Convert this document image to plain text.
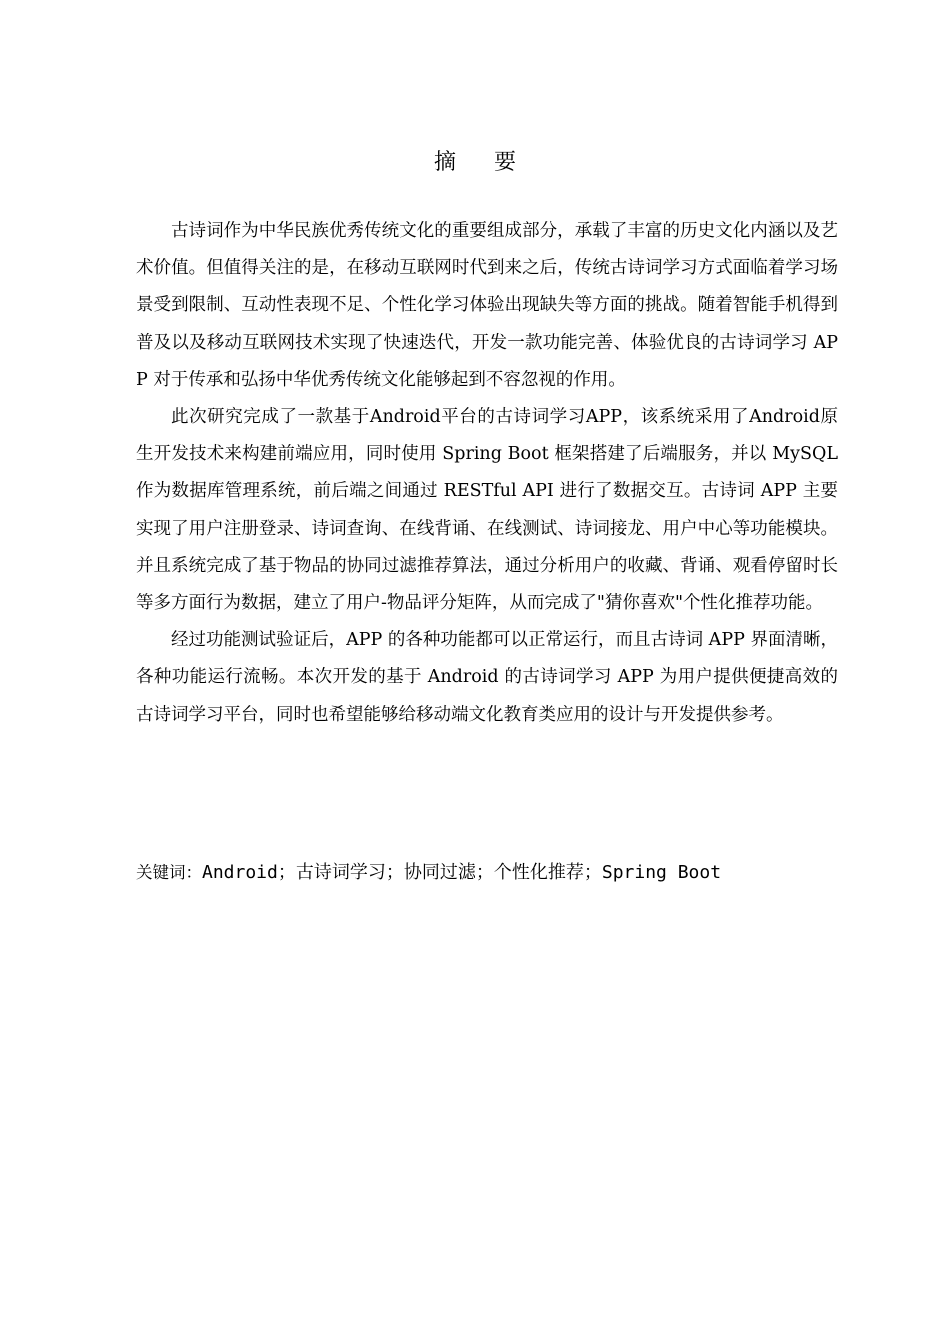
摘 要

古诗词作为中华民族优秀传统文化的重要组成部分，承载了丰富的历史文化内涵以及艺术价值。但值得关注的是，在移动互联网时代到来之后，传统古诗词学习方式面临着学习场景受到限制、互动性表现不足、个性化学习体验出现缺失等方面的挑战。随着智能手机得到普及以及移动互联网技术实现了快速迭代，开发一款功能完善、体验优良的古诗词学习 APP 对于传承和弘扬中华优秀传统文化能够起到不容忽视的作用。

此次研究完成了一款基于Android平台的古诗词学习APP，该系统采用了Android原生开发技术来构建前端应用，同时使用 Spring Boot 框架搭建了后端服务，并以 MySQL 作为数据库管理系统，前后端之间通过 RESTful API 进行了数据交互。古诗词 APP 主要实现了用户注册登录、诗词查询、在线背诵、在线测试、诗词接龙、用户中心等功能模块。并且系统完成了基于物品的协同过滤推荐算法，通过分析用户的收藏、背诵、观看停留时长等多方面行为数据，建立了用户-物品评分矩阵，从而完成了"猜你喜欢"个性化推荐功能。

经过功能测试验证后，APP 的各种功能都可以正常运行，而且古诗词 APP 界面清晰，各种功能运行流畅。本次开发的基于 Android 的古诗词学习 APP 为用户提供便捷高效的古诗词学习平台，同时也希望能够给移动端文化教育类应用的设计与开发提供参考。

关键词：Android；古诗词学习；协同过滤；个性化推荐；Spring Boot
